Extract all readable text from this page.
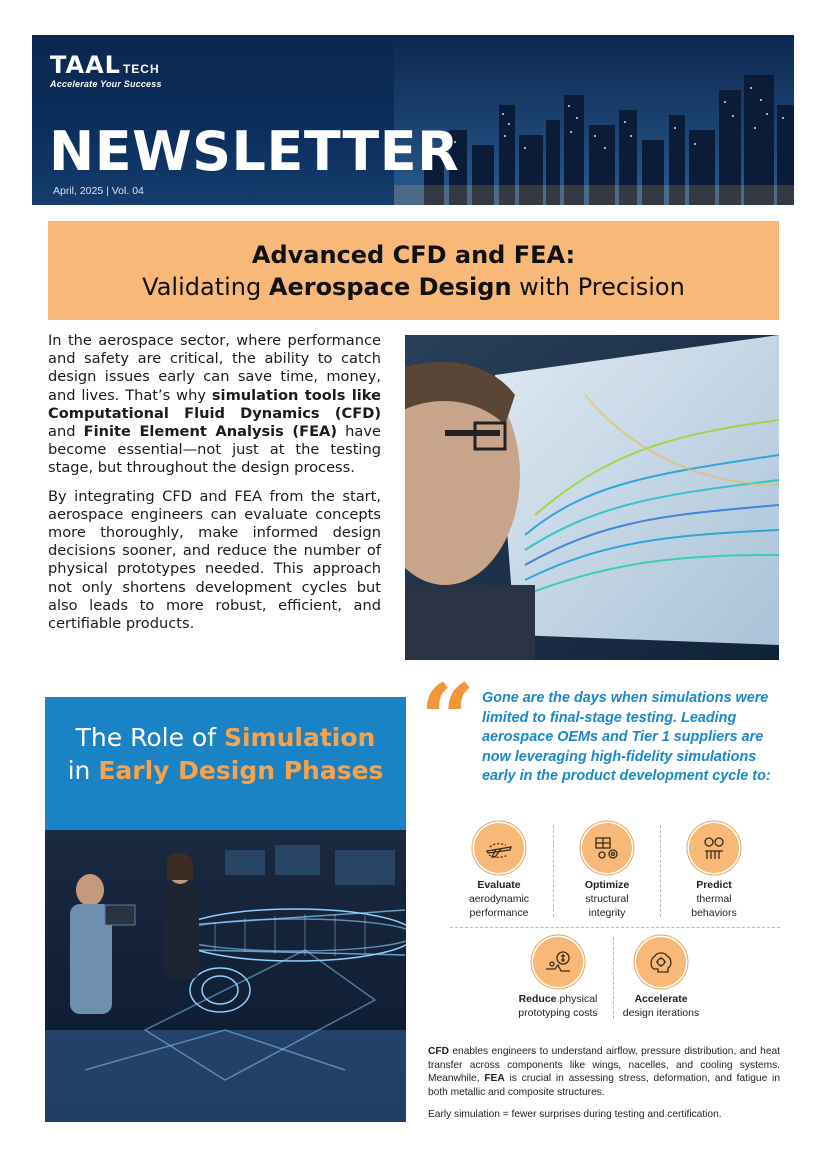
TAAL TECH
Accelerate Your Success
NEWSLETTER
April, 2025 | Vol. 04
Advanced CFD and FEA:
Validating Aerospace Design with Precision

In the aerospace sector, where performance and safety are critical, the ability to catch design issues early can save time, money, and lives. That’s why simulation tools like Computational Fluid Dynamics (CFD) and Finite Element Analysis (FEA) have become essential—not just at the testing stage, but throughout the design process.

By integrating CFD and FEA from the start, aerospace engineers can evaluate concepts more thoroughly, make informed design decisions sooner, and reduce the number of physical prototypes needed. This approach not only shortens development cycles but also leads to more robust, efficient, and certifiable products.

The Role of Simulation
in Early Design Phases “ Gone are the days when simulations were limited to final-stage testing. Leading aerospace OEMs and Tier 1 suppliers are now leveraging high-fidelity simulations early in the product development cycle to:
Evaluate
aerodynamic performance
Optimize
structural integrity
Predict
thermal behaviors
Reduce physical
prototyping costs
Accelerate
design iterations
CFD enables engineers to understand airflow, pressure distribution, and heat transfer across components like wings, nacelles, and cooling systems. Meanwhile, FEA is crucial in assessing stress, deformation, and fatigue in both metallic and composite structures.
Early simulation = fewer surprises during testing and certification.
